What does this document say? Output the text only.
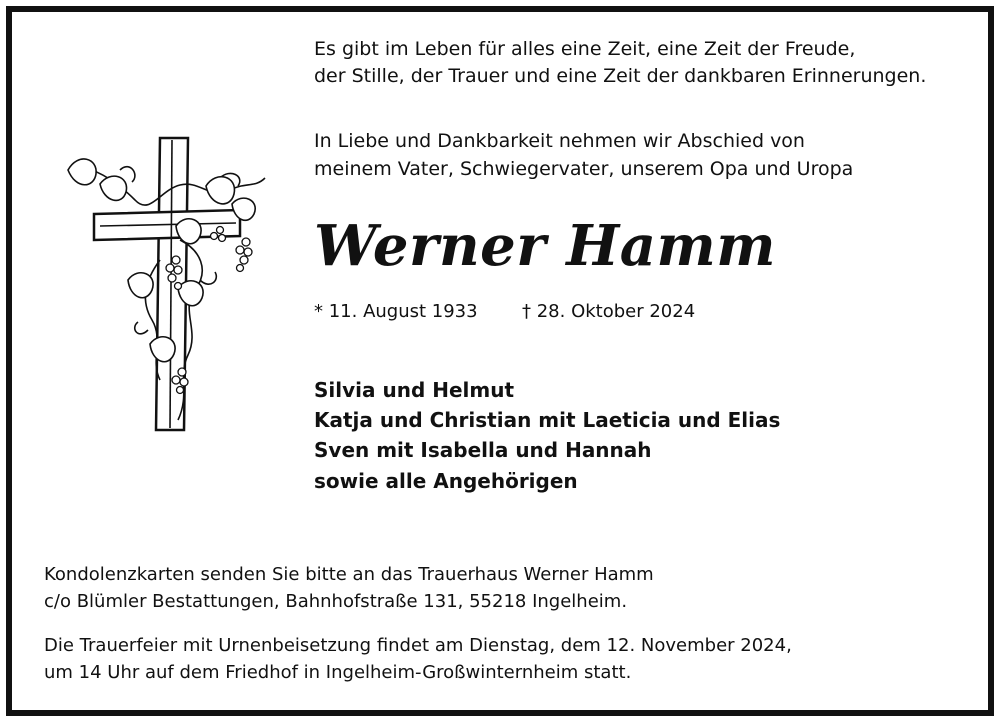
Es gibt im Leben für alles eine Zeit, eine Zeit der Freude,
der Stille, der Trauer und eine Zeit der dankbaren Erinnerungen.
In Liebe und Dankbarkeit nehmen wir Abschied von
meinem Vater, Schwiegervater, unserem Opa und Uropa
Werner Hamm
* 11. August 1933 † 28. Oktober 2024
Silvia und Helmut
Katja und Christian mit Laeticia und Elias
Sven mit Isabella und Hannah
sowie alle Angehörigen
Kondolenzkarten senden Sie bitte an das Trauerhaus Werner Hamm
c/o Blümler Bestattungen, Bahnhofstraße 131, 55218 Ingelheim.
Die Trauerfeier mit Urnenbeisetzung findet am Dienstag, dem 12. November 2024,
um 14 Uhr auf dem Friedhof in Ingelheim-Großwinternheim statt.
